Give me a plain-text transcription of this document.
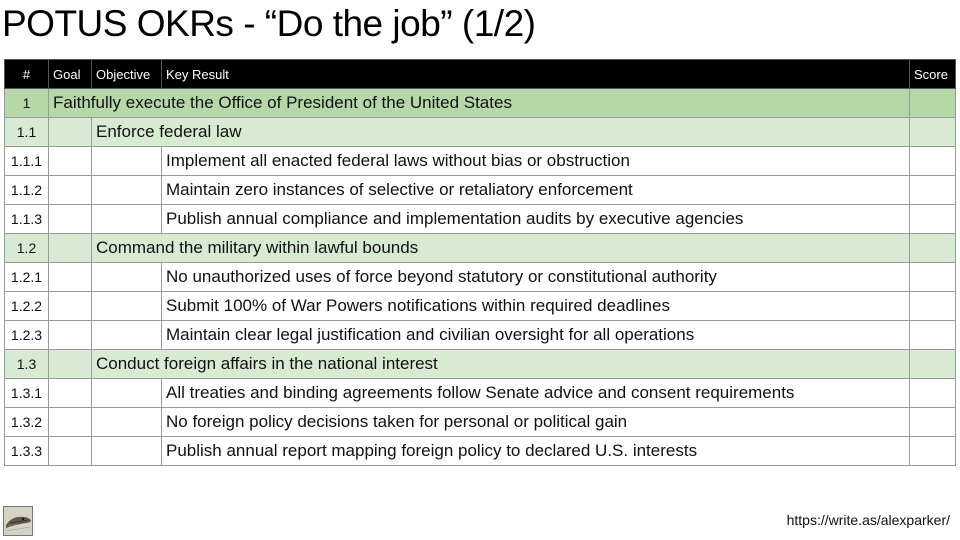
POTUS OKRs - “Do the job” (1/2)
#	Goal	Objective	Key Result	Score
1	Faithfully execute the Office of President of the United States			
1.1		Enforce federal law		
1.1.1			Implement all enacted federal laws without bias or obstruction	
1.1.2			Maintain zero instances of selective or retaliatory enforcement	
1.1.3			Publish annual compliance and implementation audits by executive agencies	
1.2		Command the military within lawful bounds		
1.2.1			No unauthorized uses of force beyond statutory or constitutional authority	
1.2.2			Submit 100% of War Powers notifications within required deadlines	
1.2.3			Maintain clear legal justification and civilian oversight for all operations	
1.3		Conduct foreign affairs in the national interest		
1.3.1			All treaties and binding agreements follow Senate advice and consent requirements	
1.3.2			No foreign policy decisions taken for personal or political gain	
1.3.3			Publish annual report mapping foreign policy to declared U.S. interests	
https://write.as/alexparker/
